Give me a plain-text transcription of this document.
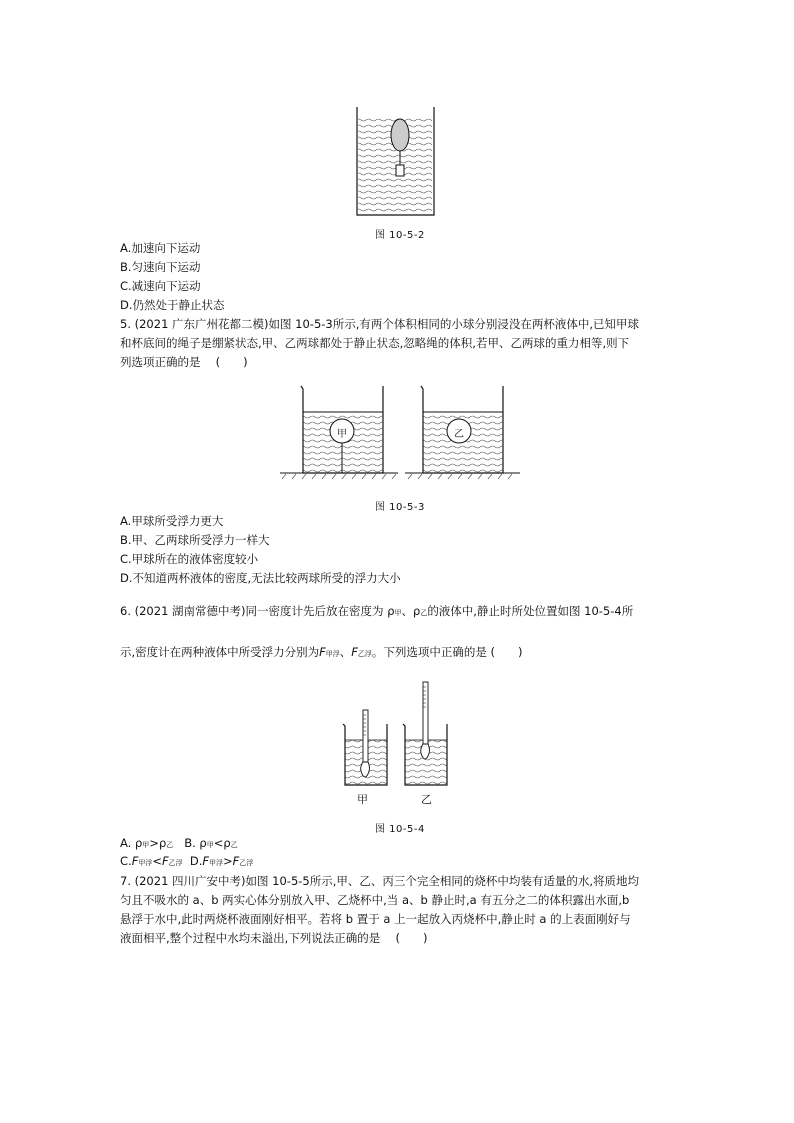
图 10-5-2
A.加速向下运动
B.匀速向下运动
C.减速向下运动
D.仍然处于静止状态
5. (2021 广东广州花都二模)如图 10-5-3所示,有两个体积相同的小球分别浸没在两杯液体中,已知甲球
和杯底间的绳子是绷紧状态,甲、乙两球都处于静止状态,忽略绳的体积,若甲、乙两球的重力相等,则下
列选项正确的是　 (　　)
甲	乙
图 10-5-3
A.甲球所受浮力更大
B.甲、乙两球所受浮力一样大
C.甲球所在的液体密度较小
D.不知道两杯液体的密度,无法比较两球所受的浮力大小
6. (2021 湖南常德中考)同一密度计先后放在密度为 ρ甲、ρ乙的液体中,静止时所处位置如图 10-5-4所
示,密度计在两种液体中所受浮力分别为F甲浮、F乙浮。下列选项中正确的是 (　　)
甲	乙
图 10-5-4
A. ρ甲>ρ乙 B. ρ甲<ρ乙
C.F甲浮<F乙浮 D.F甲浮>F乙浮
7. (2021 四川广安中考)如图 10-5-5所示,甲、乙、丙三个完全相同的烧杯中均装有适量的水,将质地均
匀且不吸水的 a、b 两实心体分别放入甲、乙烧杯中,当 a、b 静止时,a 有五分之二的体积露出水面,b
悬浮于水中,此时两烧杯液面刚好相平。若将 b 置于 a 上一起放入丙烧杯中,静止时 a 的上表面刚好与
液面相平,整个过程中水均未溢出,下列说法正确的是　 (　　)
